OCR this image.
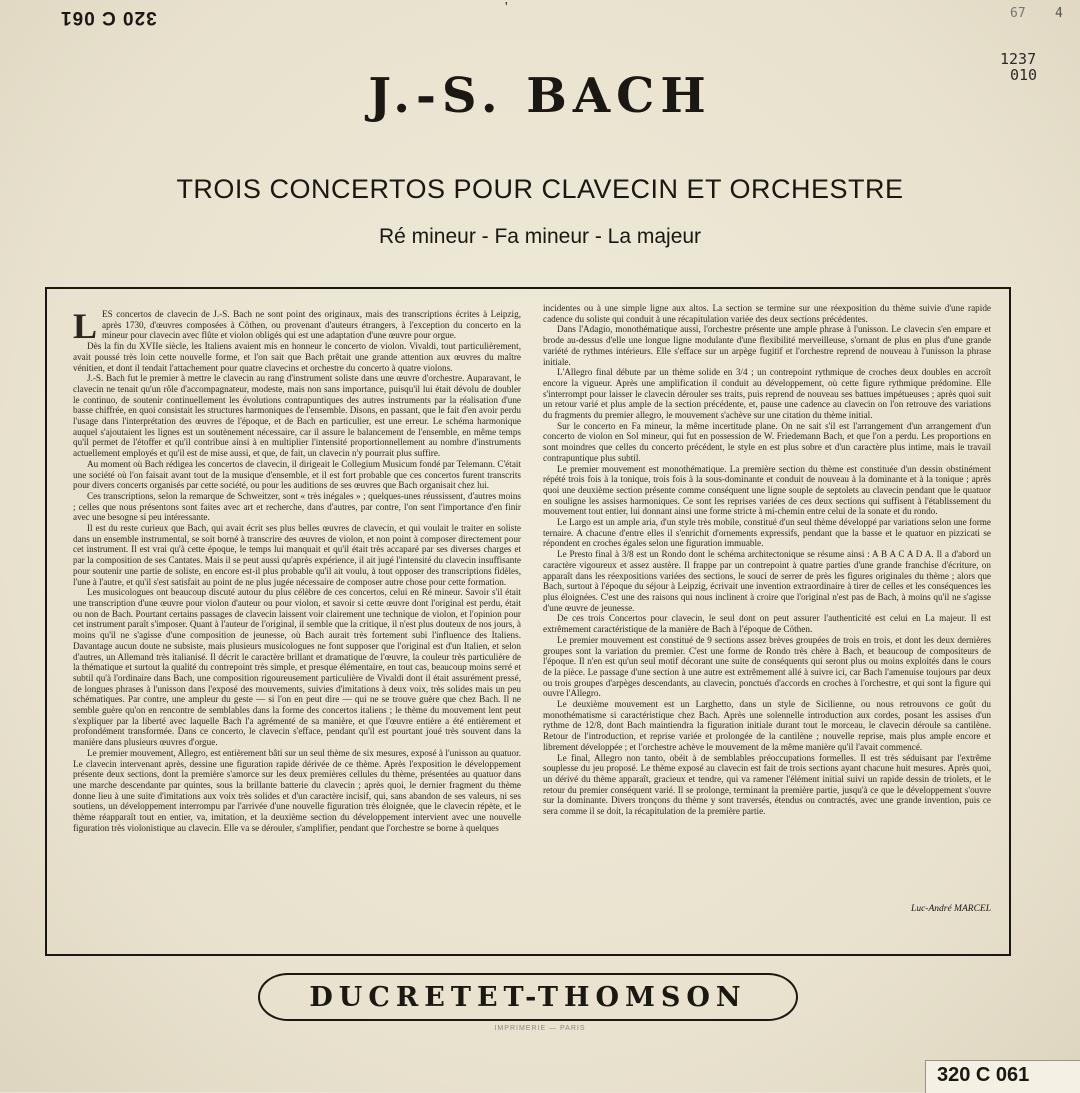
320 C 061	'	67 4
1237
010
J.-S. BACH
TROIS CONCERTOS POUR CLAVECIN ET ORCHESTRE
Ré mineur - Fa mineur - La majeur
L ES concertos de clavecin de J.-S. Bach ne sont point des originaux, mais des transcriptions écrites à Leipzig, après 1730, d'œuvres composées à Cöthen, ou provenant d'auteurs étrangers, à l'exception du concerto en la mineur pour clavecin avec flûte et violon obligés qui est une adaptation d'une œuvre pour orgue.

Dès la fin du XVIIe siècle, les Italiens avaient mis en honneur le concerto de violon. Vivaldi, tout particulièrement, avait poussé très loin cette nouvelle forme, et l'on sait que Bach prêtait une grande attention aux œuvres du maître vénitien, et dont il tendait l'attachement pour quatre clavecins et orchestre du concerto à quatre violons.

J.-S. Bach fut le premier à mettre le clavecin au rang d'instrument soliste dans une œuvre d'orchestre. Auparavant, le clavecin ne tenait qu'un rôle d'accompagnateur, modeste, mais non sans importance, puisqu'il lui était dévolu de doubler le continuo, de soutenir continuellement les évolutions contrapuntiques des autres instruments par la réalisation d'une basse chiffrée, en quoi consistait les structures harmoniques de l'ensemble. Disons, en passant, que le fait d'en avoir perdu l'usage dans l'interprétation des œuvres de l'époque, et de Bach en particulier, est une erreur. Le schéma harmonique auquel s'ajoutaient les lignes est un soutènement nécessaire, car il assure le balancement de l'ensemble, en même temps qu'il permet de l'étoffer et qu'il contribue ainsi à en multiplier l'intensité proportionnellement au nombre d'instruments actuellement employés et qu'il est de mise aussi, et que, de fait, un clavecin n'y pourrait plus suffire.

Au moment où Bach rédigea les concertos de clavecin, il dirigeait le Collegium Musicum fondé par Telemann. C'était une société où l'on faisait avant tout de la musique d'ensemble, et il est fort probable que ces concertos furent transcrits pour divers concerts organisés par cette société, ou pour les auditions de ses œuvres que Bach organisait chez lui.

Ces transcriptions, selon la remarque de Schweitzer, sont « très inégales » ; quelques-unes réussissent, d'autres moins ; celles que nous présentons sont faites avec art et recherche, dans d'autres, par contre, l'on sent l'importance d'en finir avec une besogne si peu intéressante.

Il est du reste curieux que Bach, qui avait écrit ses plus belles œuvres de clavecin, et qui voulait le traiter en soliste dans un ensemble instrumental, se soit borné à transcrire des œuvres de violon, et non point à composer directement pour cet instrument. Il est vrai qu'à cette époque, le temps lui manquait et qu'il était très accaparé par ses diverses charges et par la composition de ses Cantates. Mais il se peut aussi qu'après expérience, il ait jugé l'intensité du clavecin insuffisante pour soutenir une partie de soliste, en encore est-il plus probable qu'il ait voulu, à tout opposer des transcriptions fidèles, l'une à l'autre, et qu'il s'est satisfait au point de ne plus jugée nécessaire de composer autre chose pour cette formation.

Les musicologues ont beaucoup discuté autour du plus célèbre de ces concertos, celui en Ré mineur. Savoir s'il était une transcription d'une œuvre pour violon d'auteur ou pour violon, et savoir si cette œuvre dont l'original est perdu, était ou non de Bach. Pourtant certains passages de clavecin laissent voir clairement une technique de violon, et l'opinion pour cet instrument paraît s'imposer. Quant à l'auteur de l'original, il semble que la critique, il n'est plus douteux de nos jours, à moins qu'il ne s'agisse d'une composition de jeunesse, où Bach aurait très fortement subi l'influence des Italiens. Davantage aucun doute ne subsiste, mais plusieurs musicologues ne font supposer que l'original est d'un Italien, et selon d'autres, un Allemand très italianisé. Il décrit le caractère brillant et dramatique de l'œuvre, la couleur très particulière de la thématique et surtout la qualité du contrepoint très simple, et presque élémentaire, en tout cas, beaucoup moins serré et subtil qu'à l'ordinaire dans Bach, une composition rigoureusement particulière de Vivaldi dont il était assurément pressé, de longues phrases à l'unisson dans l'exposé des mouvements, suivies d'imitations à deux voix, très solides mais un peu schématiques. Par contre, une ampleur du geste — si l'on en peut dire — qui ne se trouve guère que chez Bach. Il ne semble guère qu'on en rencontre de semblables dans la forme des concertos italiens ; le thème du mouvement lent peut s'expliquer par la liberté avec laquelle Bach l'a agrémenté de sa manière, et que l'œuvre entière a été entièrement et profondément transformée. Dans ce concerto, le clavecin s'efface, pendant qu'il est pourtant joué très souvent dans la manière dans plusieurs œuvres d'orgue.

Le premier mouvement, Allegro, est entièrement bâti sur un seul thème de six mesures, exposé à l'unisson au quatuor. Le clavecin intervenant après, dessine une figuration rapide dérivée de ce thème. Après l'exposition le développement présente deux sections, dont la première s'amorce sur les deux premières cellules du thème, présentées au quatuor dans une marche descendante par quintes, sous la brillante batterie du clavecin ; après quoi, le dernier fragment du thème donne lieu à une suite d'imitations aux voix très solides et d'un caractère incisif, qui, sans abandon de ses valeurs, ni ses soutiens, un développement interrompu par l'arrivée d'une nouvelle figuration très éloignée, que le clavecin répète, et le thème réapparaît tout en entier, va, imitation, et la deuxième section du développement intervient avec une nouvelle figuration très violonistique au clavecin. Elle va se dérouler, s'amplifier, pendant que l'orchestre se borne à quelques

incidentes ou à une simple ligne aux altos. La section se termine sur une réexposition du thème suivie d'une rapide cadence du soliste qui conduit à une récapitulation variée des deux sections précédentes.

Dans l'Adagio, monothématique aussi, l'orchestre présente une ample phrase à l'unisson. Le clavecin s'en empare et brode au-dessus d'elle une longue ligne modulante d'une flexibilité merveilleuse, s'ornant de plus en plus d'une grande variété de rythmes intérieurs. Elle s'efface sur un arpège fugitif et l'orchestre reprend de nouveau à l'unisson la phrase initiale.

L'Allegro final débute par un thème solide en 3/4 ; un contrepoint rythmique de croches deux doubles en accroît encore la vigueur. Après une amplification il conduit au développement, où cette figure rythmique prédomine. Elle s'interrompt pour laisser le clavecin dérouler ses traits, puis reprend de nouveau ses battues impétueuses ; après quoi suit un retour varié et plus ample de la section précédente, et, pause une cadence au clavecin on l'on retrouve des variations du fragments du premier allegro, le mouvement s'achève sur une citation du thème initial.

Sur le concerto en Fa mineur, la même incertitude plane. On ne sait s'il est l'arrangement d'un arrangement d'un concerto de violon en Sol mineur, qui fut en possession de W. Friedemann Bach, et que l'on a perdu. Les proportions en sont moindres que celles du concerto précédent, le style en est plus sobre et d'un caractère plus intime, mais le travail contrapuntique plus subtil.

Le premier mouvement est monothématique. La première section du thème est constituée d'un dessin obstinément répété trois fois à la tonique, trois fois à la sous-dominante et conduit de nouveau à la dominante et à la tonique ; après quoi une deuxième section présente comme conséquent une ligne souple de septolets au clavecin pendant que le quatuor en souligne les assises harmoniques. Ce sont les reprises variées de ces deux sections qui suffisent à l'établissement du mouvement tout entier, lui donnant ainsi une forme stricte à mi-chemin entre celui de la sonate et du rondo.

Le Largo est un ample aria, d'un style très mobile, constitué d'un seul thème développé par variations selon une forme ternaire. A chacune d'entre elles il s'enrichit d'ornements expressifs, pendant que la basse et le quatuor en pizzicati se répondent en croches égales selon une figuration immuable.

Le Presto final à 3/8 est un Rondo dont le schéma architectonique se résume ainsi : A B A C A D A. Il a d'abord un caractère vigoureux et assez austère. Il frappe par un contrepoint à quatre parties d'une grande franchise d'écriture, on apparaît dans les réexpositions variées des sections, le souci de serrer de près les figures originales du thème ; alors que Bach, surtout à l'époque du séjour à Leipzig, écrivait une invention extraordinaire à tirer de celles et les conséquences les plus éloignées. C'est une des raisons qui nous inclinent à croire que l'original n'est pas de Bach, à moins qu'il ne s'agisse d'une œuvre de jeunesse.

De ces trois Concertos pour clavecin, le seul dont on peut assurer l'authenticité est celui en La majeur. Il est extrêmement caractéristique de la manière de Bach à l'époque de Cöthen.

Le premier mouvement est constitué de 9 sections assez brèves groupées de trois en trois, et dont les deux dernières groupes sont la variation du premier. C'est une forme de Rondo très chère à Bach, et beaucoup de compositeurs de l'époque. Il n'en est qu'un seul motif décorant une suite de conséquents qui seront plus ou moins exploités dans le cours de la pièce. Le passage d'une section à une autre est extrêmement allé à suivre ici, car Bach l'amenuise toujours par deux ou trois groupes d'arpèges descendants, au clavecin, ponctués d'accords en croches à l'orchestre, et qui sont la figure qui ouvre l'Allegro.

Le deuxième mouvement est un Larghetto, dans un style de Sicilienne, ou nous retrouvons ce goût du monothématisme si caractéristique chez Bach. Après une solennelle introduction aux cordes, posant les assises d'un rythme de 12/8, dont Bach maintiendra la figuration initiale durant tout le morceau, le clavecin déroule sa cantilène. Retour de l'introduction, et reprise variée et prolongée de la cantilène ; nouvelle reprise, mais plus ample encore et librement développée ; et l'orchestre achève le mouvement de la même manière qu'il l'avait commencé.

Le final, Allegro non tanto, obéit à de semblables préoccupations formelles. Il est très séduisant par l'extrême souplesse du jeu proposé. Le thème exposé au clavecin est fait de trois sections ayant chacune huit mesures. Après quoi, un dérivé du thème apparaît, gracieux et tendre, qui va ramener l'élément initial suivi un rapide dessin de triolets, et le retour du premier conséquent varié. Il se prolonge, terminant la première partie, jusqu'à ce que le développement s'ouvre sur la dominante. Divers tronçons du thème y sont traversés, étendus ou contractés, avec une grande invention, puis ce sera comme il se doit, la récapitulation de la première partie.

Luc-André MARCEL
DUCRETET-THOMSON
IMPRIMERIE — PARIS
320 C 061
